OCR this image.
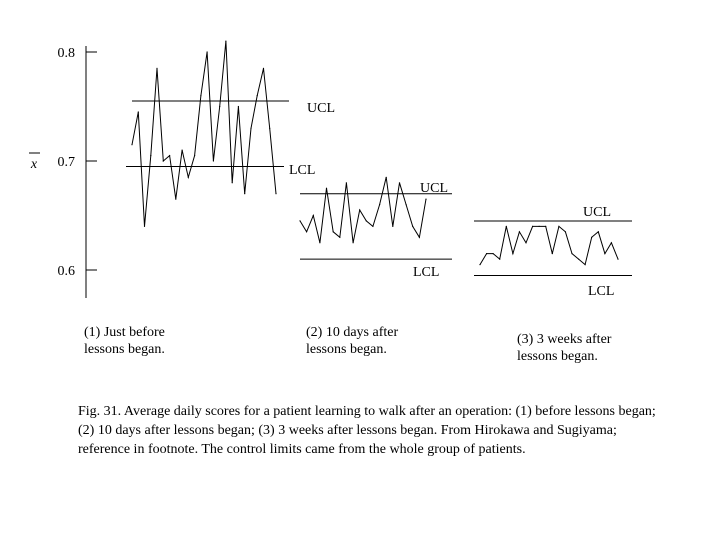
0.6
0.7
0.8
x
UCL
LCL
UCL
LCL
UCL
LCL
(1) Just before
lessons began.
(2) 10 days after
lessons began.
(3) 3 weeks after
lessons began.
Fig. 31. Average daily scores for a patient learning to walk after an operation: (1) before lessons began; (2) 10 days after lessons began; (3) 3 weeks after lessons began. From Hirokawa and Sugiyama; reference in footnote. The control limits came from the whole group of patients.
